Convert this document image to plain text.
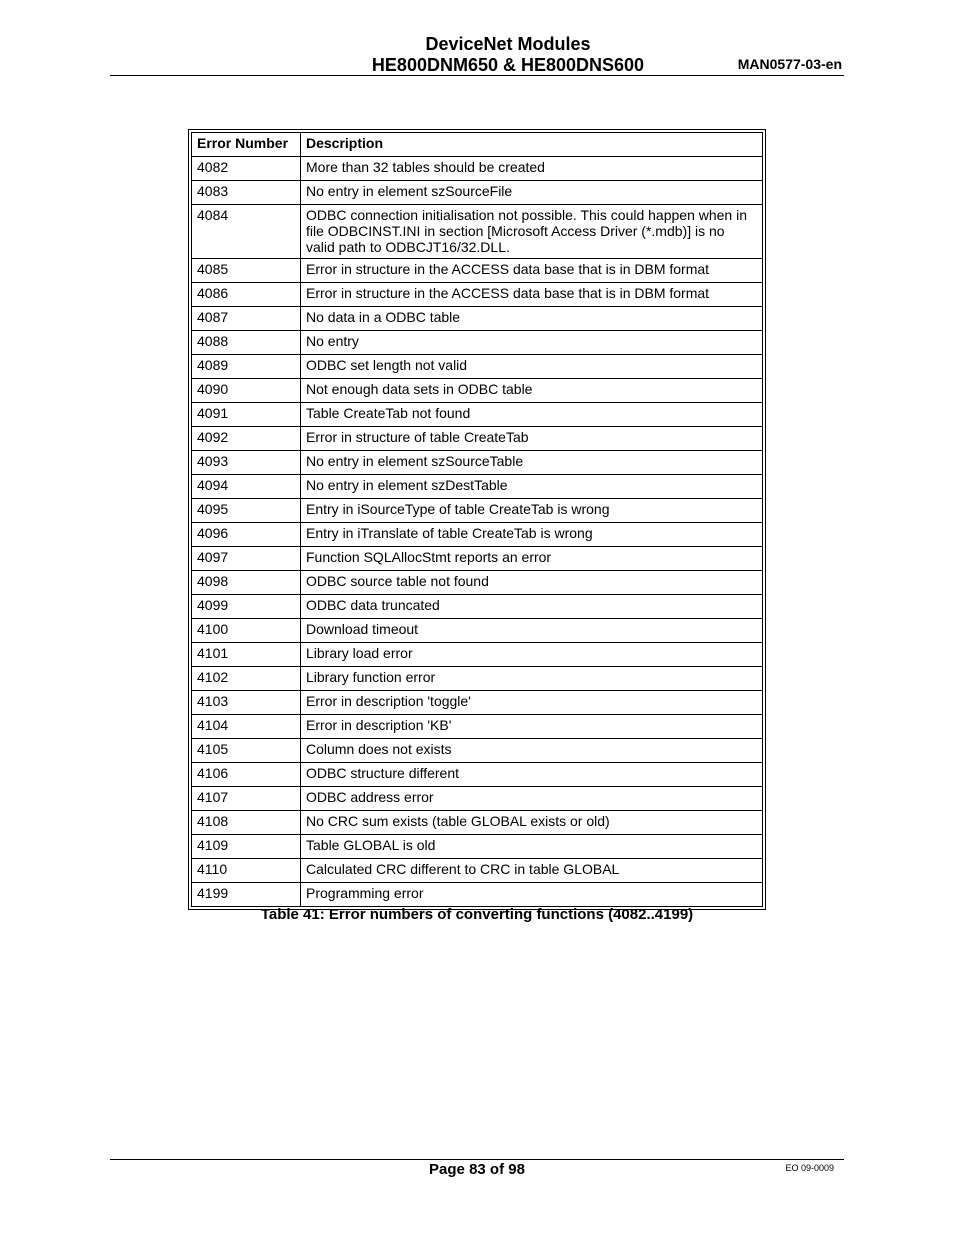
DeviceNet Modules
HE800DNM650 & HE800DNS600	MAN0577-03-en
Error Number	Description
4082	More than 32 tables should be created
4083	No entry in element szSourceFile
4084	ODBC connection initialisation not possible. This could happen when in file ODBCINST.INI in section [Microsoft Access Driver (*.mdb)] is no valid path to ODBCJT16/32.DLL.
4085	Error in structure in the ACCESS data base that is in DBM format
4086	Error in structure in the ACCESS data base that is in DBM format
4087	No data in a ODBC table
4088	No entry
4089	ODBC set length not valid
4090	Not enough data sets in ODBC table
4091	Table CreateTab not found
4092	Error in structure of table CreateTab
4093	No entry in element szSourceTable
4094	No entry in element szDestTable
4095	Entry in iSourceType of table CreateTab is wrong
4096	Entry in iTranslate of table CreateTab is wrong
4097	Function SQLAllocStmt reports an error
4098	ODBC source table not found
4099	ODBC data truncated
4100	Download timeout
4101	Library load error
4102	Library function error
4103	Error in description 'toggle'
4104	Error in description 'KB'
4105	Column does not exists
4106	ODBC structure different
4107	ODBC address error
4108	No CRC sum exists (table GLOBAL exists or old)
4109	Table GLOBAL is old
4110	Calculated CRC different to CRC in table GLOBAL
4199	Programming error
Table 41: Error numbers of converting functions (4082..4199)
Page 83 of 98	EO 09-0009
